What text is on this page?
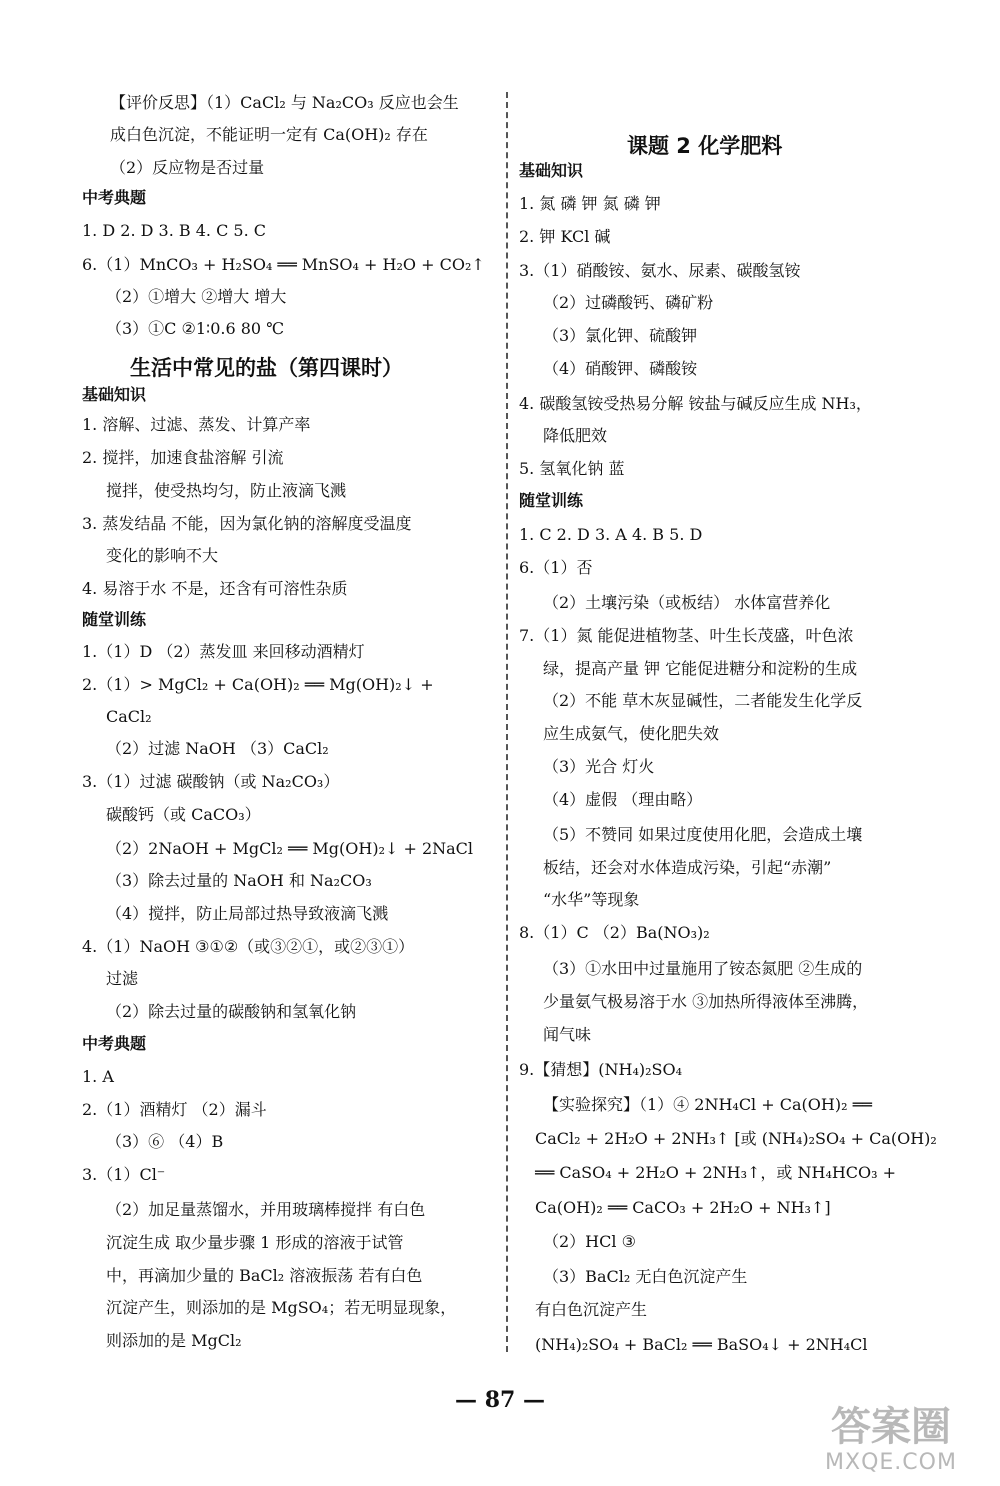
【评价反思】（1）CaCl₂ 与 Na₂CO₃ 反应也会生
成白色沉淀，不能证明一定有 Ca(OH)₂ 存在
（2）反应物是否过量
中考典题
1. D 2. D 3. B 4. C 5. C
6.（1）MnCO₃ + H₂SO₄ ══ MnSO₄ + H₂O + CO₂↑
（2）①增大 ②增大 增大
（3）①C ②1∶0.6 80 ℃
生活中常见的盐（第四课时）
基础知识
1. 溶解、过滤、蒸发、计算产率
2. 搅拌，加速食盐溶解 引流
搅拌，使受热均匀，防止液滴飞溅
3. 蒸发结晶 不能，因为氯化钠的溶解度受温度
变化的影响不大
4. 易溶于水 不是，还含有可溶性杂质
随堂训练
1.（1）D （2）蒸发皿 来回移动酒精灯
2.（1）> MgCl₂ + Ca(OH)₂ ══ Mg(OH)₂↓ +
CaCl₂
（2）过滤 NaOH （3）CaCl₂
3.（1）过滤 碳酸钠（或 Na₂CO₃）
碳酸钙（或 CaCO₃）
（2）2NaOH + MgCl₂ ══ Mg(OH)₂↓ + 2NaCl
（3）除去过量的 NaOH 和 Na₂CO₃
（4）搅拌，防止局部过热导致液滴飞溅
4.（1）NaOH ③①②（或③②①，或②③①）
过滤
（2）除去过量的碳酸钠和氢氧化钠
中考典题
1. A
2.（1）酒精灯 （2）漏斗
（3）⑥ （4）B
3.（1）Cl⁻
（2）加足量蒸馏水，并用玻璃棒搅拌 有白色
沉淀生成 取少量步骤 1 形成的溶液于试管
中，再滴加少量的 BaCl₂ 溶液振荡 若有白色
沉淀产生，则添加的是 MgSO₄；若无明显现象，
则添加的是 MgCl₂
课题 2 化学肥料
基础知识
1. 氮 磷 钾 氮 磷 钾
2. 钾 KCl 碱
3.（1）硝酸铵、氨水、尿素、碳酸氢铵
（2）过磷酸钙、磷矿粉
（3）氯化钾、硫酸钾
（4）硝酸钾、磷酸铵
4. 碳酸氢铵受热易分解 铵盐与碱反应生成 NH₃，
降低肥效
5. 氢氧化钠 蓝
随堂训练
1. C 2. D 3. A 4. B 5. D
6.（1）否
（2）土壤污染（或板结） 水体富营养化
7.（1）氮 能促进植物茎、叶生长茂盛，叶色浓
绿，提高产量 钾 它能促进糖分和淀粉的生成
（2）不能 草木灰显碱性，二者能发生化学反
应生成氨气，使化肥失效
（3）光合 灯火
（4）虚假 （理由略）
（5）不赞同 如果过度使用化肥，会造成土壤
板结，还会对水体造成污染，引起“赤潮”
“水华”等现象
8.（1）C （2）Ba(NO₃)₂
（3）①水田中过量施用了铵态氮肥 ②生成的
少量氨气极易溶于水 ③加热所得液体至沸腾，
闻气味
9.【猜想】(NH₄)₂SO₄
【实验探究】（1）④ 2NH₄Cl + Ca(OH)₂ ══
CaCl₂ + 2H₂O + 2NH₃↑ [或 (NH₄)₂SO₄ + Ca(OH)₂
══ CaSO₄ + 2H₂O + 2NH₃↑，或 NH₄HCO₃ +
Ca(OH)₂ ══ CaCO₃ + 2H₂O + NH₃↑]
（2）HCl ③
（3）BaCl₂ 无白色沉淀产生
有白色沉淀产生
(NH₄)₂SO₄ + BaCl₂ ══ BaSO₄↓ + 2NH₄Cl
— 87 —
答案圈
MXQE.COM
